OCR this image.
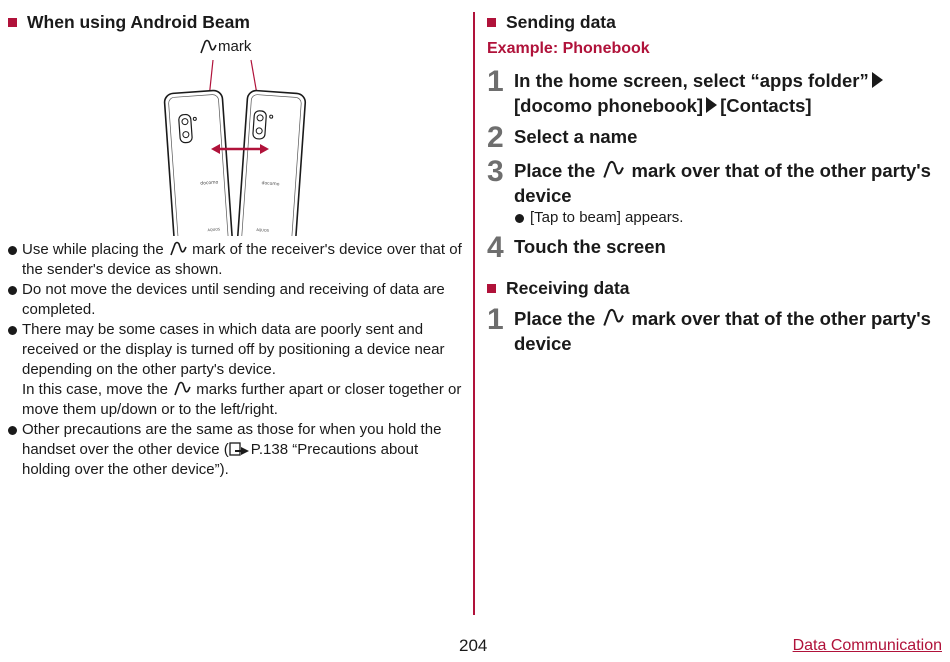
When using Android Beam
mark
docomo
AQUOS
docomo
AQUOS
Use while placing the  mark of the receiver's device over that of the sender's device as shown.
Do not move the devices until sending and receiving of data are completed.
There may be some cases in which data are poorly sent and received or the display is turned off by positioning a device near depending on the other party's device.
In this case, move the  marks further apart or closer together or move them up/down or to the left/right.
Other precautions are the same as those for when you hold the handset over the other device ( P.138 “Precautions about holding over the other device”).
Sending data
Example: Phonebook
1 In the home screen, select “apps folder”
[docomo phonebook] [Contacts]
2 Select a name
3 Place the  mark over that of the other party's device
[Tap to beam] appears.
4 Touch the screen
Receiving data
1 Place the  mark over that of the other party's device
204	Data Communication
